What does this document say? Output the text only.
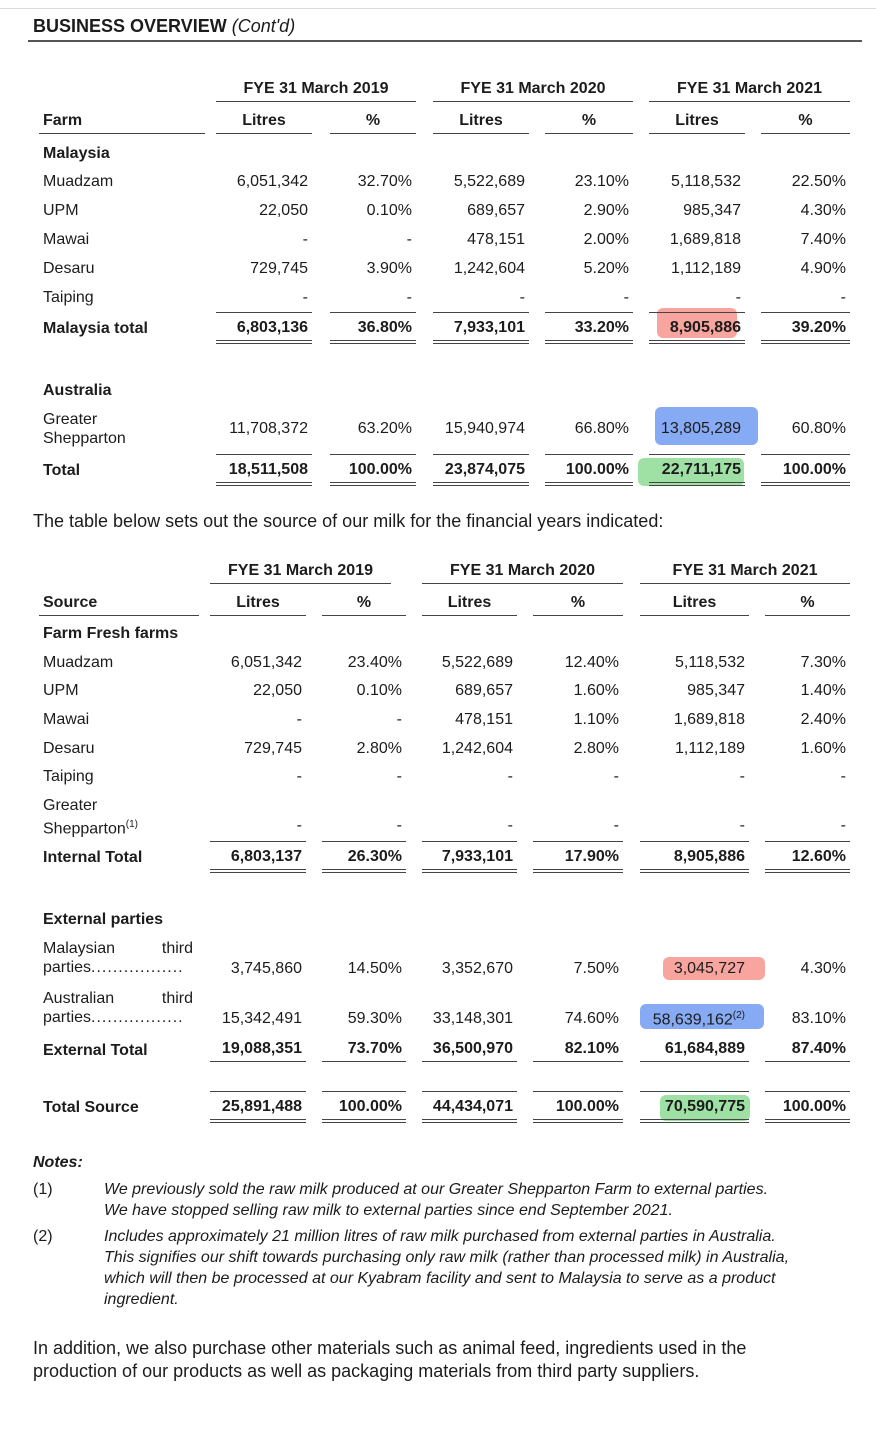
BUSINESS OVERVIEW (Cont'd)
FYE 31 March 2019	FYE 31 March 2020	FYE 31 March 2021
Farm	Litres	%	Litres	%	Litres	%
Malaysia
Muadzam	6,051,342	32.70%	5,522,689	23.10%	5,118,532	22.50%
UPM	22,050	0.10%	689,657	2.90%	985,347	4.30%
Mawai	-	-	478,151	2.00%	1,689,818	7.40%
Desaru	729,745	3.90%	1,242,604	5.20%	1,112,189	4.90%
Taiping	-	-	-	-	-	-
Malaysia total	6,803,136	36.80%	7,933,101	33.20%	8,905,886	39.20%
Australia
Greater
Shepparton
11,708,372	63.20%	15,940,974	66.80%	13,805,289	60.80%
Total	18,511,508	100.00%	23,874,075	100.00%	22,711,175	100.00%
The table below sets out the source of our milk for the financial years indicated:
FYE 31 March 2019	FYE 31 March 2020	FYE 31 March 2021
Source	Litres	%	Litres	%	Litres	%
Farm Fresh farms
Muadzam	6,051,342	23.40%	5,522,689	12.40%	5,118,532	7.30%
UPM	22,050	0.10%	689,657	1.60%	985,347	1.40%
Mawai	-	-	478,151	1.10%	1,689,818	2.40%
Desaru	729,745	2.80%	1,242,604	2.80%	1,112,189	1.60%
Taiping	-	-	-	-	-	-
Greater
Shepparton$^{(1)}$	-	-	-	-	-	-
Internal Total	6,803,137	26.30%	7,933,101	17.90%	8,905,886	12.60%
External parties
Malaysian	third
parties.................	3,745,860	14.50%	3,352,670	7.50%	3,045,727	4.30%
Australian	third
parties.................	15,342,491	59.30%	33,148,301	74.60%	58,639,162$^{(2)}$	83.10%
External Total	19,088,351	73.70%	36,500,970	82.10%	61,684,889	87.40%
Total Source	25,891,488	100.00%	44,434,071	100.00%	70,590,775	100.00%
Notes:
(1)	We previously sold the raw milk produced at our Greater Shepparton Farm to external parties.
We have stopped selling raw milk to external parties since end September 2021.
(2)	Includes approximately 21 million litres of raw milk purchased from external parties in Australia.
This signifies our shift towards purchasing only raw milk (rather than processed milk) in Australia,
which will then be processed at our Kyabram facility and sent to Malaysia to serve as a product
ingredient.
In addition, we also purchase other materials such as animal feed, ingredients used in the
production of our products as well as packaging materials from third party suppliers.
